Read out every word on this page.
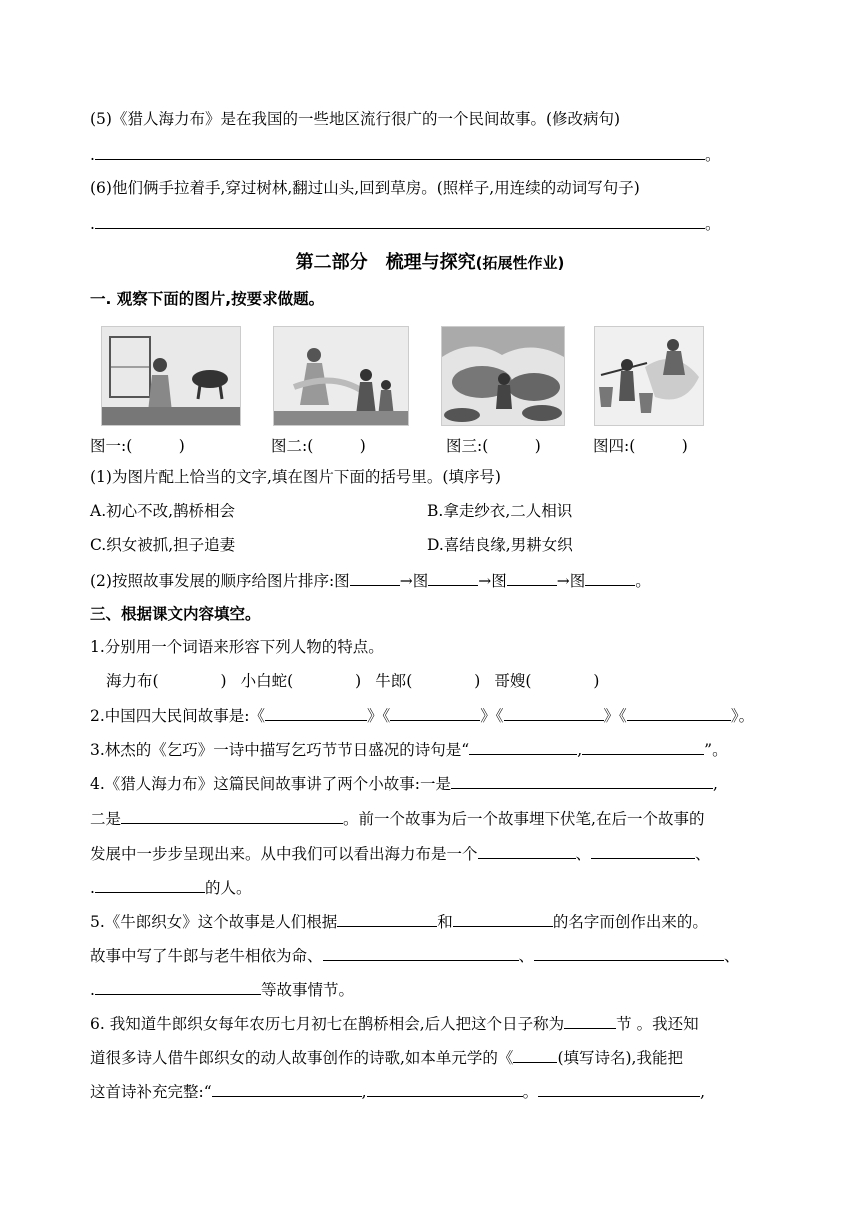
(5)《猎人海力布》是在我国的一些地区流行很广的一个民间故事。(修改病句)
.	。
(6)他们俩手拉着手,穿过树林,翻过山头,回到草房。(照样子,用连续的动词写句子)
.	。
第二部分　梳理与探究(拓展性作业)
一. 观察下面的图片,按要求做题。
图一:(　　　)	图二:(　　　)	图三:(　　　)	图四:(　　　)
(1)为图片配上恰当的文字,填在图片下面的括号里。(填序号)
A.初心不改,鹊桥相会	B.拿走纱衣,二人相识
C.织女被抓,担子追妻	D.喜结良缘,男耕女织
(2)按照故事发展的顺序给图片排序:图	→图	→图	→图	。
三、根据课文内容填空。
1.分别用一个词语来形容下列人物的特点。
海力布(　　　　) 小白蛇(　　　　) 牛郎(　　　　) 哥嫂(　　　　)
2.中国四大民间故事是:《	》《	》《	》《	》。
3.林杰的《乞巧》一诗中描写乞巧节节日盛况的诗句是“	,	”。
4.《猎人海力布》这篇民间故事讲了两个小故事:一是	,
二是	。前一个故事为后一个故事埋下伏笔,在后一个故事的
发展中一步步呈现出来。从中我们可以看出海力布是一个	、	、
.	的人。
5.《牛郎织女》这个故事是人们根据	和	的名字而创作出来的。
故事中写了牛郎与老牛相依为命、	、	、
.	等故事情节。
6. 我知道牛郎织女每年农历七月初七在鹊桥相会,后人把这个日子称为	节 。我还知
道很多诗人借牛郎织女的动人故事创作的诗歌,如本单元学的《	(填写诗名),我能把
这首诗补充完整:“	,	。	,
